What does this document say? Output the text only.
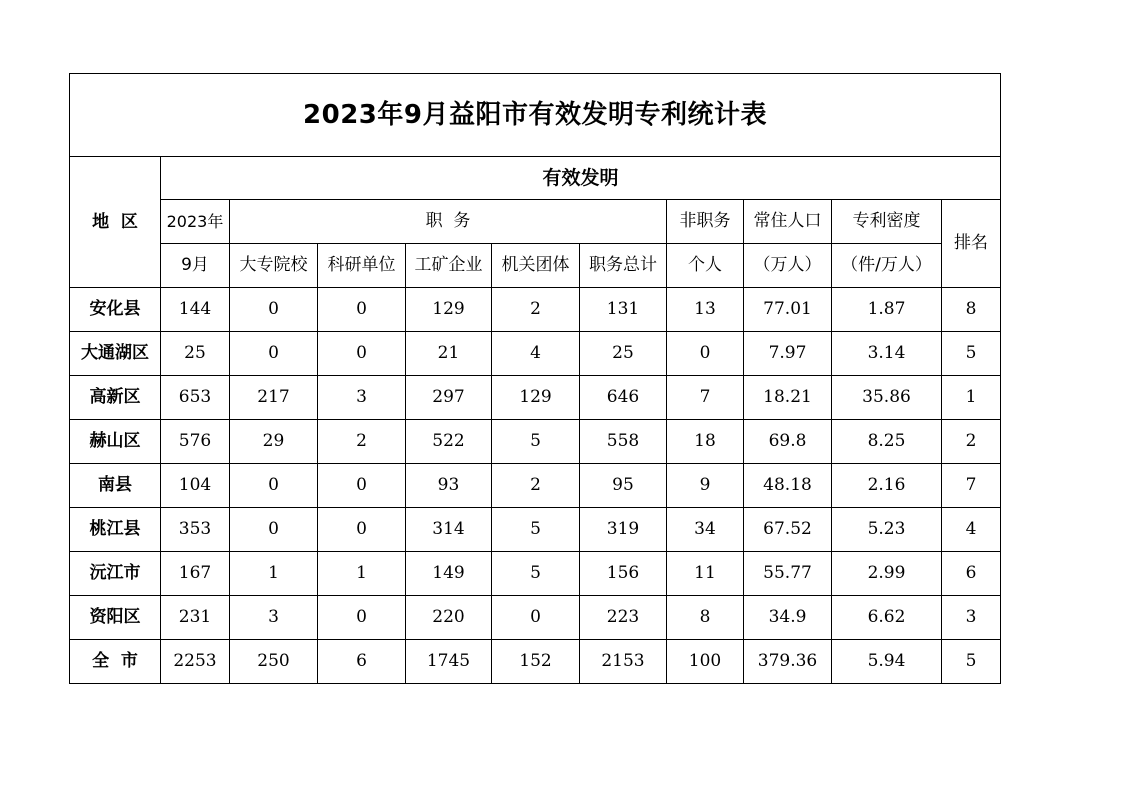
2023年9月益阳市有效发明专利统计表										
地  区	有效发明									
	2023年	职  务					非职务	常住人口	专利密度	排名
	9月	大专院校	科研单位	工矿企业	机关团体	职务总计	个人	（万人）	（件/万人）	
安化县	144	0	0	129	2	131	13	77.01	1.87	8
大通湖区	25	0	0	21	4	25	0	7.97	3.14	5
高新区	653	217	3	297	129	646	7	18.21	35.86	1
赫山区	576	29	2	522	5	558	18	69.8	8.25	2
南县	104	0	0	93	2	95	9	48.18	2.16	7
桃江县	353	0	0	314	5	319	34	67.52	5.23	4
沅江市	167	1	1	149	5	156	11	55.77	2.99	6
资阳区	231	3	0	220	0	223	8	34.9	6.62	3
全  市	2253	250	6	1745	152	2153	100	379.36	5.94	5
